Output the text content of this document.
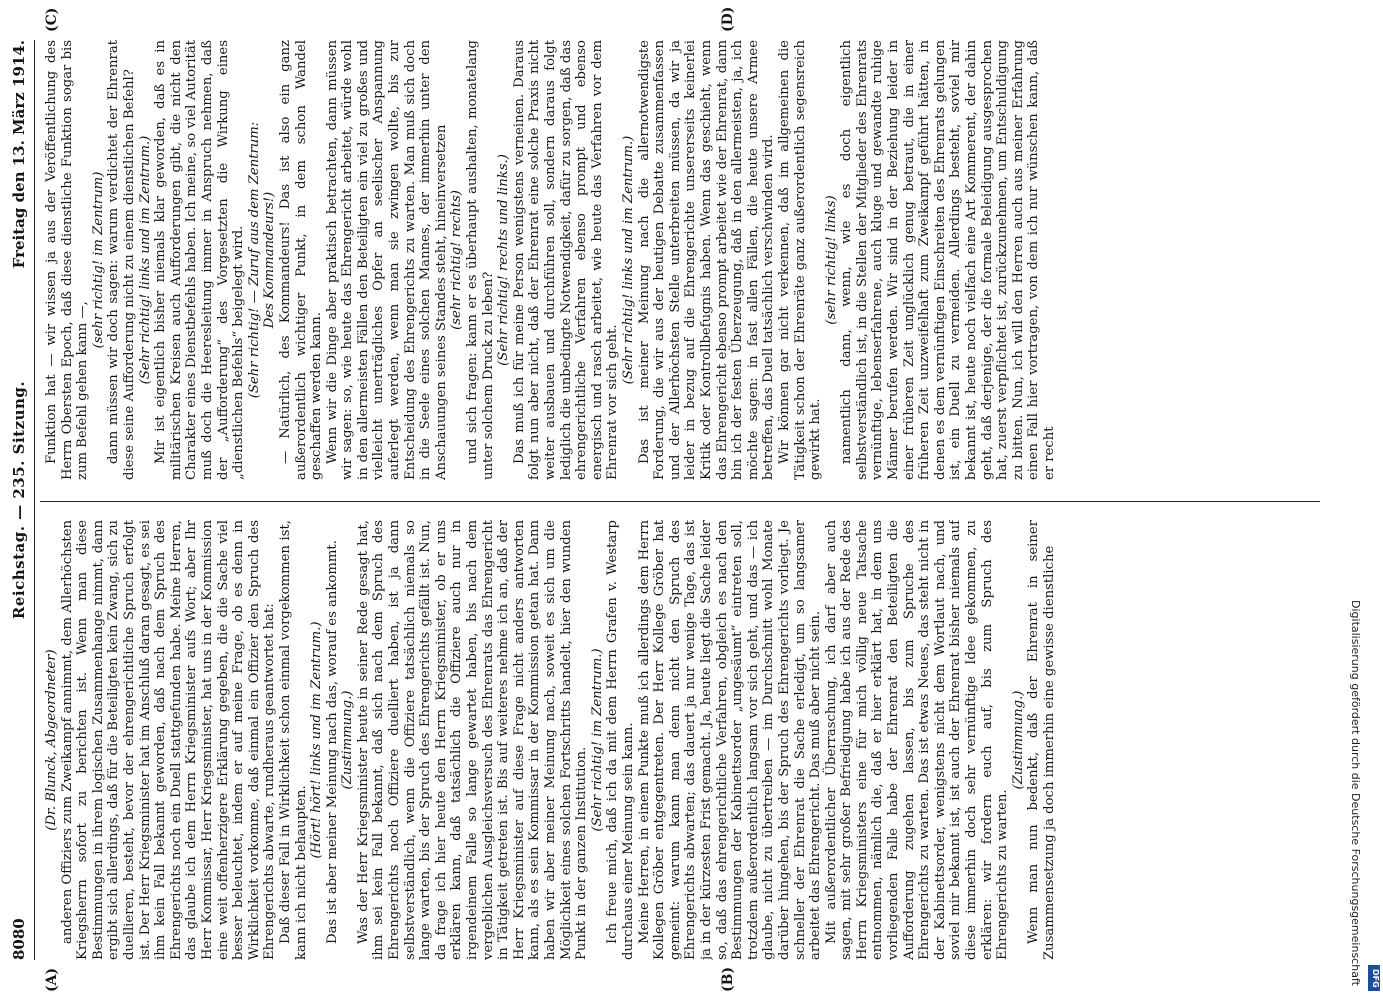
8080
Reichstag. — 235. Sitzung.
Freitag den 13. März 1914.
(A)	(B)
(C)	(D)

(Dr. Blunck, Abgeordneter) anderen Offiziers zum Zweikampf annimmt, dem Allerhöchsten Kriegsherrn sofort zu berichten ist. Wenn man diese Bestimmungen in ihrem logischen Zusammenhange nimmt, dann ergibt sich allerdings, daß für die Beteiligten kein Zwang, sich zu duellieren, besteht, bevor der ehrengerichtliche Spruch erfolgt ist. Der Herr Kriegsminister hat im Anschluß daran gesagt, es sei ihm kein Fall bekannt geworden, daß nach dem Spruch des Ehrengerichts noch ein Duell stattgefunden habe. Meine Herren, das glaube ich dem Herrn Kriegsminister aufs Wort; aber Ihr Herr Kommissar, Herr Kriegsminister, hat uns in der Kommission eine weit offenherzigere Erklärung gegeben, die die Sache viel besser beleuchtet, indem er auf meine Frage, ob es denn in Wirklichkeit vorkomme, daß einmal ein Offizier den Spruch des Ehrengerichts abwarte, rundheraus geantwortet hat: Daß dieser Fall in Wirklichkeit schon einmal vorgekommen ist, kann ich nicht behaupten.

(Hört! hört! links und im Zentrum.) Das ist aber meiner Meinung nach das, worauf es ankommt. (Zustimmung.) Was der Herr Kriegsminister heute in seiner Rede gesagt hat, ihm sei kein Fall bekannt, daß sich nach dem Spruch des Ehrengerichts noch Offiziere duelliert haben, ist ja dann selbstverständlich, wenn die Offiziere tatsächlich niemals so lange warten, bis der Spruch des Ehrengerichts gefällt ist. Nun, da frage ich hier heute den Herrn Kriegsminister, ob er uns erklären kann, daß tatsächlich die Offiziere auch nur in irgendeinem Falle so lange gewartet haben, bis nach dem vergeblichen Ausgleichsversuch des Ehrenrats das Ehrengericht in Tätigkeit getreten ist. Bis auf weiteres nehme ich an, daß der Herr Kriegsminister auf diese Frage nicht anders antworten kann, als es sein Kommissar in der Kommission getan hat. Dann haben wir aber meiner Meinung nach, soweit es sich um die Möglichkeit eines solchen Fortschritts handelt, hier den wunden Punkt in der ganzen Institution.

(Sehr richtig! im Zentrum.) Ich freue mich, daß ich da mit dem Herrn Grafen v. Westarp durchaus einer Meinung sein kann. Meine Herren, in einem Punkte muß ich allerdings dem Herrn Kollegen Gröber entgegentreten. Der Herr Kollege Gröber hat gemeint: warum kann man denn nicht den Spruch des Ehrengerichts abwarten; das dauert ja nur wenige Tage, das ist ja in der kürzesten Frist gemacht. Ja, heute liegt die Sache leider so, daß das ehrengerichtliche Verfahren, obgleich es nach den Bestimmungen der Kabinettsorder „ungesäumt“ eintreten soll, trotzdem außerordentlich langsam vor sich geht, und das — ich glaube, nicht zu übertreiben — im Durchschnitt wohl Monate darüber hingehen, bis der Spruch des Ehrengerichts vorliegt. Je schneller der Ehrenrat die Sache erledigt, um so langsamer arbeitet das Ehrengericht. Das muß aber nicht sein. Mit außerordentlicher Überraschung, ich darf aber auch sagen, mit sehr großer Befriedigung habe ich aus der Rede des Herrn Kriegsministers eine für mich völlig neue Tatsache entnommen, nämlich die, daß er hier erklärt hat, in dem uns vorliegenden Falle habe der Ehrenrat den Beteiligten die Aufforderung zugehen lassen, bis zum Spruche des Ehrengerichts zu warten. Das ist etwas Neues, das steht nicht in der Kabinettsorder, wenigstens nicht dem Wortlaut nach, und soviel mir bekannt ist, ist auch der Ehrenrat bisher niemals auf diese immerhin doch sehr vernünftige Idee gekommen, zu erklären: wir fordern euch auf, bis zum Spruch des Ehrengerichts zu warten.

(Zustimmung.) Wenn man nun bedenkt, daß der Ehrenrat in seiner Zusammensetzung ja doch immerhin eine gewisse dienstliche

Funktion hat — wir wissen ja aus der Veröffentlichung des Herrn Obersten Epoch, daß diese dienstliche Funktion sogar bis zum Befehl gehen kann —,

(sehr richtig! im Zentrum) dann müssen wir doch sagen: warum verdichtet der Ehrenrat diese seine Aufforderung nicht zu einem dienstlichen Befehl? (Sehr richtig! links und im Zentrum.) Mir ist eigentlich bisher niemals klar geworden, daß es in militärischen Kreisen auch Aufforderungen gibt, die nicht den Charakter eines Dienstbefehls haben. Ich meine, so viel Autorität muß doch die Heeresleitung immer in Anspruch nehmen, daß der „Aufforderung“ des Vorgesetzten die Wirkung eines „dienstlichen Befehls“ beigelegt wird. (Sehr richtig! — Zuruf aus dem Zentrum: Des Kommandeurs!) — Natürlich, des Kommandeurs! Das ist also ein ganz außerordentlich wichtiger Punkt, in dem schon Wandel geschaffen werden kann. Wenn wir die Dinge aber praktisch betrachten, dann müssen wir sagen: so, wie heute das Ehrengericht arbeitet, würde wohl in den allermeisten Fällen den Beteiligten ein viel zu großes und vielleicht unerträgliches Opfer an seelischer Anspannung auferlegt werden, wenn man sie zwingen wollte, bis zur Entscheidung des Ehrengerichts zu warten. Man muß sich doch in die Seele eines solchen Mannes, der immerhin unter den Anschauungen seines Standes steht, hineinversetzen (sehr richtig! rechts) und sich fragen: kann er es überhaupt aushalten, monatelang unter solchem Druck zu leben?

(Sehr richtig! rechts und links.) Das muß ich für meine Person wenigstens verneinen. Daraus folgt nun aber nicht, daß der Ehrenrat eine solche Praxis nicht weiter ausbauen und durchführen soll, sondern daraus folgt lediglich die unbedingte Notwendigkeit, dafür zu sorgen, daß das ehrengerichtliche Verfahren ebenso prompt und ebenso energisch und rasch arbeitet, wie heute das Verfahren vor dem Ehrenrat vor sich geht.

(Sehr richtig! links und im Zentrum.) Das ist meiner Meinung nach die allernotwendigste Forderung, die wir aus der heutigen Debatte zusammenfassen und der Allerhöchsten Stelle unterbreiten müssen, da wir ja leider in bezug auf die Ehrengerichte unsererseits keinerlei Kritik oder Kontrollbefugnis haben. Wenn das geschieht, wenn das Ehrengericht ebenso prompt arbeitet wie der Ehrenrat, dann bin ich der festen Überzeugung, daß in den allermeisten, ja, ich möchte sagen: in fast allen Fällen, die heute unsere Armee betreffen, das Duell tatsächlich verschwinden wird. Wir können gar nicht verkennen, daß im allgemeinen die Tätigkeit schon der Ehrenräte ganz außerordentlich segensreich gewirkt hat.

(sehr richtig! links) namentlich dann, wenn, wie es doch eigentlich selbstverständlich ist, in die Stellen der Mitglieder des Ehrenrats vernünftige, lebenserfahrene, auch kluge und gewandte ruhige Männer berufen werden. Wir sind in der Beziehung leider in einer früheren Zeit unglücklich genug betraut, die in einer früheren Zeit unzweifelhaft zum Zweikampf geführt hätten, in denen es dem vernünftigen Einschreiten des Ehrenrats gelungen ist, ein Duell zu vermeiden. Allerdings besteht, soviel mir bekannt ist, heute noch vielfach eine Art Kommerent, der dahin geht, daß derjenige, der die formale Beleidigung ausgesprochen hat, zuerst verpflichtet ist, zurückzunehmen, um Entschuldigung zu bitten. Nun, ich will den Herren auch aus meiner Erfahrung einen Fall hier vortragen, von dem ich nur wünschen kann, daß er recht

Digitalisierung gefördert durch die Deutsche Forschungsgemeinschaft	DFG
